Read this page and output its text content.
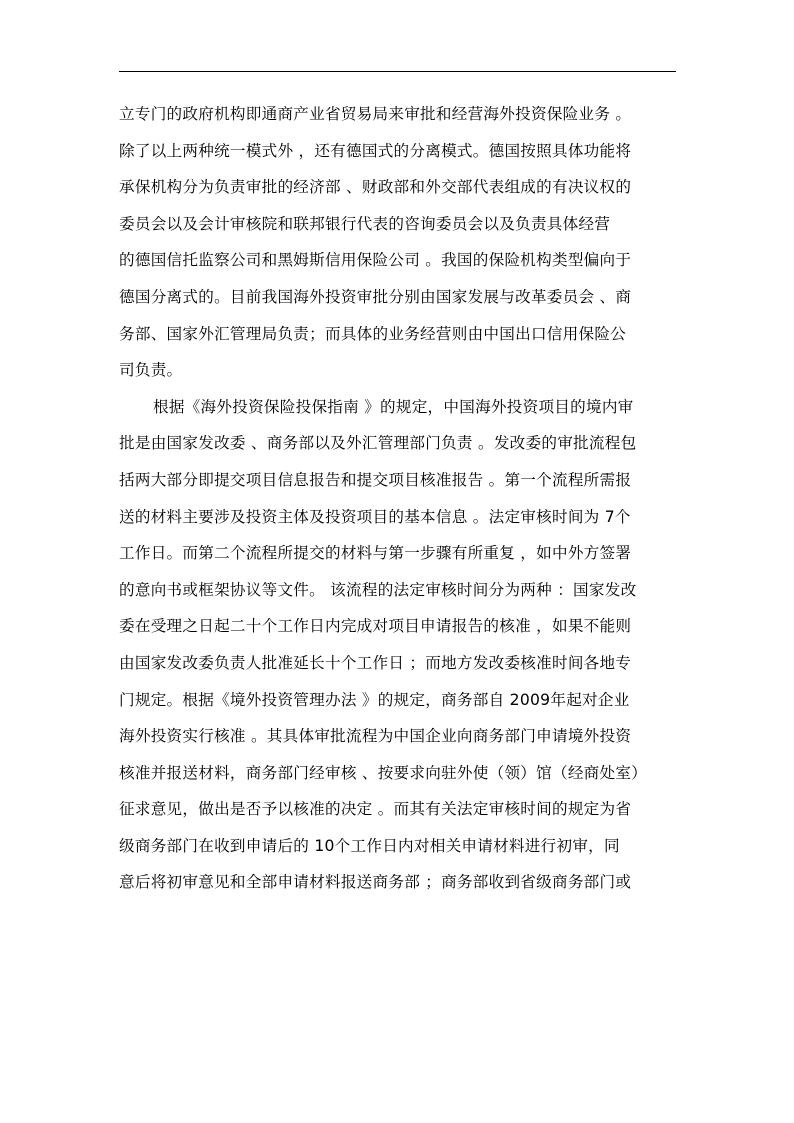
立专门的政府机构即通商产业省贸易局来审批和经营海外投资保险业务 。
除了以上两种统一模式外 ，还有德国式的分离模式。德国按照具体功能将
承保机构分为负责审批的经济部 、财政部和外交部代表组成的有决议权的
委员会以及会计审核院和联邦银行代表的咨询委员会以及负责具体经营
的德国信托监察公司和黑姆斯信用保险公司 。我国的保险机构类型偏向于
德国分离式的。目前我国海外投资审批分别由国家发展与改革委员会 、商
务部、国家外汇管理局负责；而具体的业务经营则由中国出口信用保险公
司负责。
根据《海外投资保险投保指南 》的规定，中国海外投资项目的境内审
批是由国家发改委 、商务部以及外汇管理部门负责 。发改委的审批流程包
括两大部分即提交项目信息报告和提交项目核准报告 。第一个流程所需报
送的材料主要涉及投资主体及投资项目的基本信息 。法定审核时间为 7个
工作日。而第二个流程所提交的材料与第一步骤有所重复 ，如中外方签署
的意向书或框架协议等文件。 该流程的法定审核时间分为两种 ：国家发改
委在受理之日起二十个工作日内完成对项目申请报告的核准 ，如果不能则
由国家发改委负责人批准延长十个工作日 ；而地方发改委核准时间各地专
门规定。根据《境外投资管理办法 》的规定，商务部自 2009年起对企业
海外投资实行核准 。其具体审批流程为中国企业向商务部门申请境外投资
核准并报送材料，商务部门经审核 、按要求向驻外使（领）馆（经商处室）
征求意见，做出是否予以核准的决定 。而其有关法定审核时间的规定为省
级商务部门在收到申请后的 10个工作日内对相关申请材料进行初审，同
意后将初审意见和全部申请材料报送商务部 ；商务部收到省级商务部门或
